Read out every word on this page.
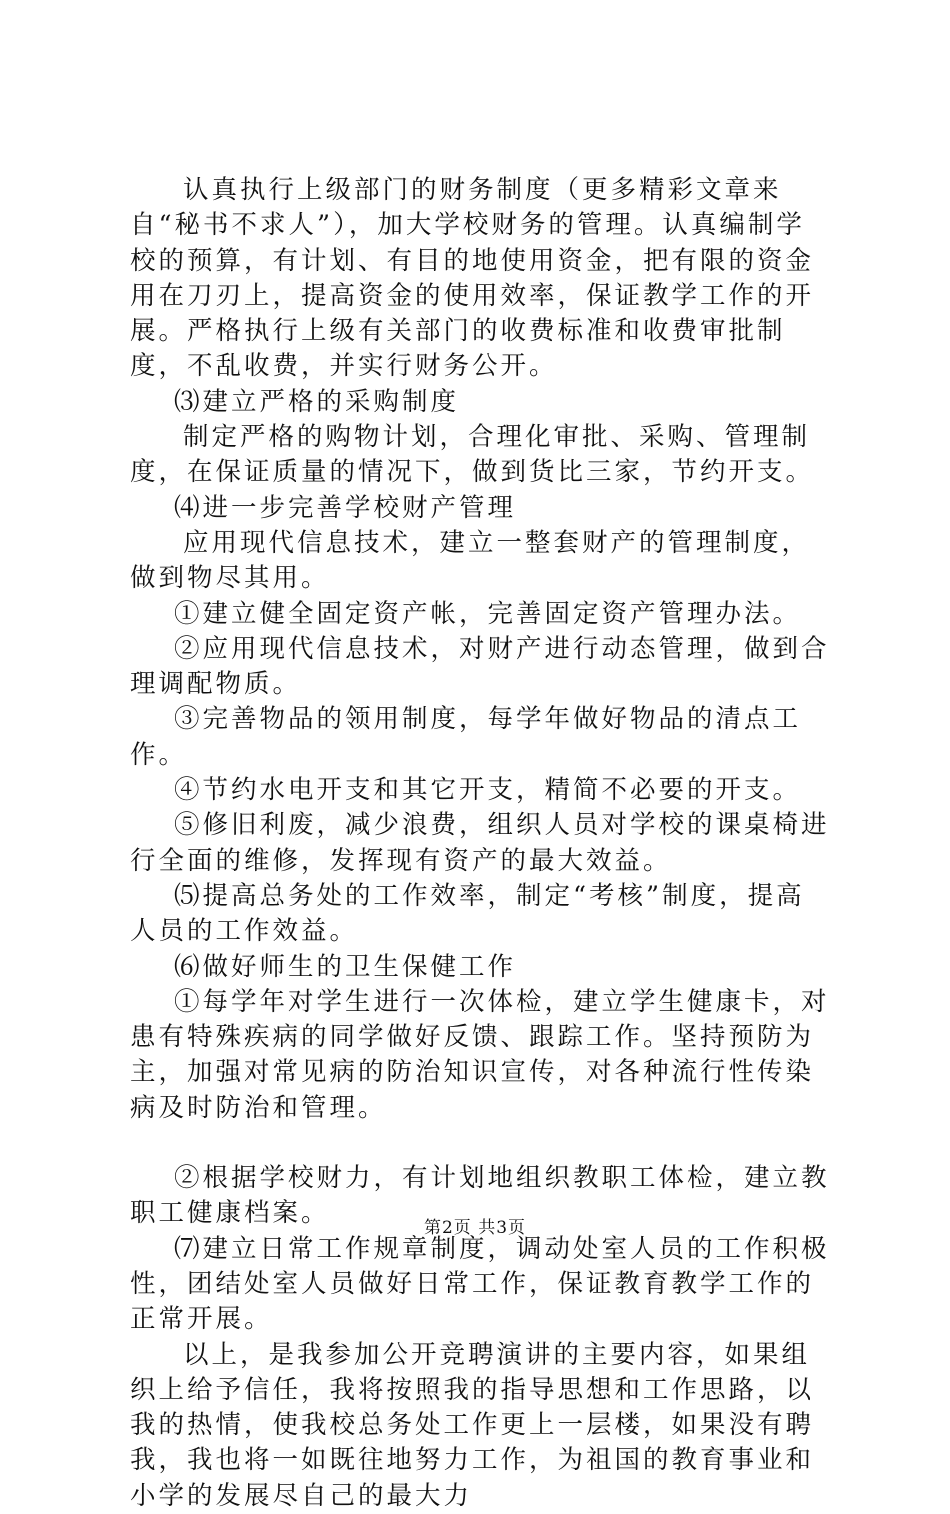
认真执行上级部门的财务制度（更多精彩文章来自“秘书不求人”），加大学校财务的管理。认真编制学校的预算，有计划、有目的地使用资金，把有限的资金用在刀刃上，提高资金的使用效率，保证教学工作的开展。严格执行上级有关部门的收费标准和收费审批制度，不乱收费，并实行财务公开。

⑶建立严格的采购制度

制定严格的购物计划，合理化审批、采购、管理制度，在保证质量的情况下，做到货比三家，节约开支。

⑷进一步完善学校财产管理

应用现代信息技术，建立一整套财产的管理制度，做到物尽其用。

①建立健全固定资产帐，完善固定资产管理办法。

②应用现代信息技术，对财产进行动态管理，做到合理调配物质。

③完善物品的领用制度，每学年做好物品的清点工作。

④节约水电开支和其它开支，精简不必要的开支。

⑤修旧利废，减少浪费，组织人员对学校的课桌椅进行全面的维修，发挥现有资产的最大效益。

⑸提高总务处的工作效率，制定“考核”制度，提高人员的工作效益。

⑹做好师生的卫生保健工作

①每学年对学生进行一次体检，建立学生健康卡，对患有特殊疾病的同学做好反馈、跟踪工作。坚持预防为主，加强对常见病的防治知识宣传，对各种流行性传染病及时防治和管理。

②根据学校财力，有计划地组织教职工体检，建立教职工健康档案。

⑺建立日常工作规章制度，调动处室人员的工作积极性，团结处室人员做好日常工作，保证教育教学工作的正常开展。

以上，是我参加公开竞聘演讲的主要内容，如果组织上给予信任，我将按照我的指导思想和工作思路，以我的热情，使我校总务处工作更上一层楼，如果没有聘我，我也将一如既往地努力工作，为祖国的教育事业和小学的发展尽自己的最大力

第2页 共3页
